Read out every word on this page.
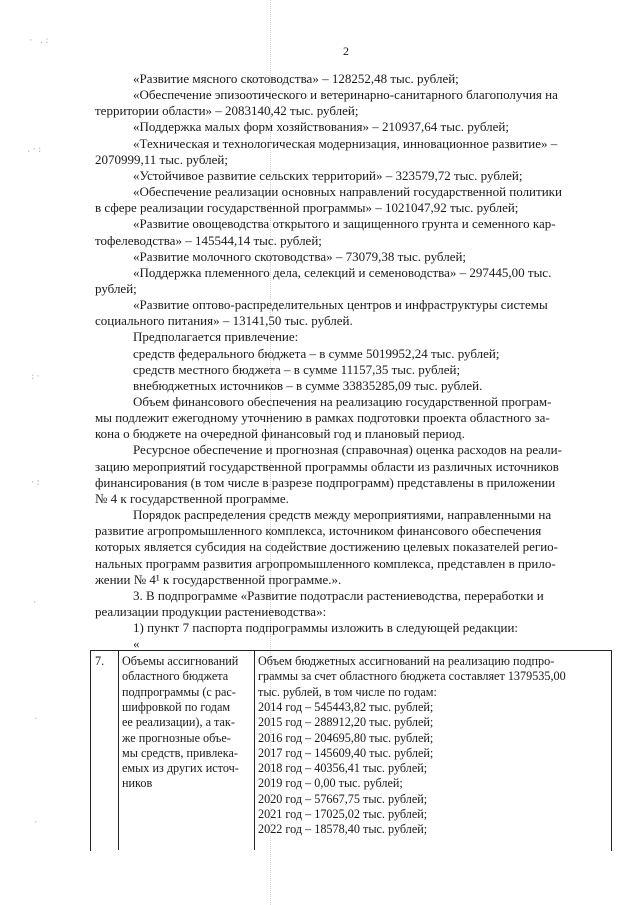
· .:
.·:
:·
·:
·
.
·
2
«Развитие мясного скотоводства» – 128252,48 тыс. рублей;
«Обеспечение эпизоотического и ветеринарно-санитарного благополучия на
территории области» – 2083140,42 тыс. рублей;
«Поддержка малых форм хозяйствования» – 210937,64 тыс. рублей;
«Техническая и технологическая модернизация, инновационное развитие» –
2070999,11 тыс. рублей;
«Устойчивое развитие сельских территорий» – 323579,72 тыс. рублей;
«Обеспечение реализации основных направлений государственной политики
в сфере реализации государственной программы» – 1021047,92 тыс. рублей;
«Развитие овощеводства открытого и защищенного грунта и семенного кар-
тофелеводства» – 145544,14 тыс. рублей;
«Развитие молочного скотоводства» – 73079,38 тыс. рублей;
«Поддержка племенного дела, селекций и семеноводства» – 297445,00 тыс.
рублей;
«Развитие оптово-распределительных центров и инфраструктуры системы
социального питания» – 13141,50 тыс. рублей.
Предполагается привлечение:
средств федерального бюджета – в сумме 5019952,24 тыс. рублей;
средств местного бюджета – в сумме 11157,35 тыс. рублей;
внебюджетных источников – в сумме 33835285,09 тыс. рублей.
Объем финансового обеспечения на реализацию государственной програм-
мы подлежит ежегодному уточнению в рамках подготовки проекта областного за-
кона о бюджете на очередной финансовый год и плановый период.
Ресурсное обеспечение и прогнозная (справочная) оценка расходов на реали-
зацию мероприятий государственной программы области из различных источников
финансирования (в том числе в разрезе подпрограмм) представлены в приложении
№ 4 к государственной программе.
Порядок распределения средств между мероприятиями, направленными на
развитие агропромышленного комплекса, источником финансового обеспечения
которых является субсидия на содействие достижению целевых показателей регио-
нальных программ развития агропромышленного комплекса, представлен в прило-
жении № 4¹ к государственной программе.».
3. В подпрограмме «Развитие подотрасли растениеводства, переработки и
реализации продукции растениеводства»:
1) пункт 7 паспорта подпрограммы изложить в следующей редакции:
«
7. Объемы ассигнований
областного бюджета
подпрограммы (с рас-
шифровкой по годам
ее реализации), а так-
же прогнозные объе-
мы средств, привлека-
емых из других источ-
ников
Объем бюджетных ассигнований на реализацию подпро-
граммы за счет областного бюджета составляет 1379535,00
тыс. рублей, в том числе по годам:
2014 год – 545443,82 тыс. рублей;
2015 год – 288912,20 тыс. рублей;
2016 год – 204695,80 тыс. рублей;
2017 год – 145609,40 тыс. рублей;
2018 год – 40356,41 тыс. рублей;
2019 год – 0,00 тыс. рублей;
2020 год – 57667,75 тыс. рублей;
2021 год – 17025,02 тыс. рублей;
2022 год – 18578,40 тыс. рублей;
